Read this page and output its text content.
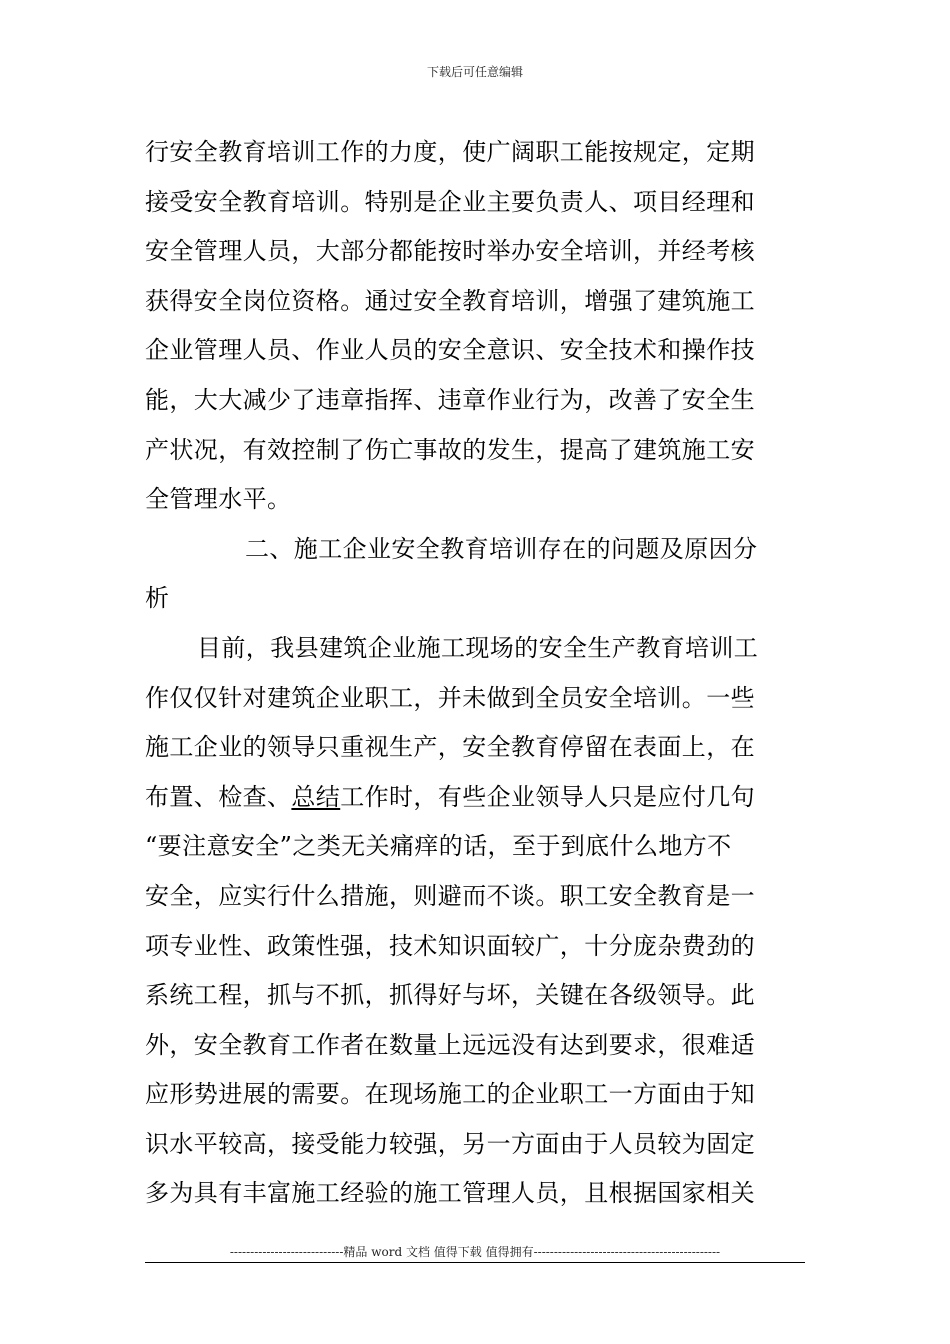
下载后可任意编辑

行安全教育培训工作的力度，使广阔职工能按规定，定期

接受安全教育培训。特别是企业主要负责人、项目经理和

安全管理人员，大部分都能按时举办安全培训，并经考核

获得安全岗位资格。通过安全教育培训，增强了建筑施工

企业管理人员、作业人员的安全意识、安全技术和操作技

能，大大减少了违章指挥、违章作业行为，改善了安全生

产状况，有效控制了伤亡事故的发生，提高了建筑施工安

全管理水平。

二、施工企业安全教育培训存在的问题及原因分

析

目前，我县建筑企业施工现场的安全生产教育培训工

作仅仅针对建筑企业职工，并未做到全员安全培训。一些

施工企业的领导只重视生产，安全教育停留在表面上，在

布置、检查、总结工作时，有些企业领导人只是应付几句

“要注意安全”之类无关痛痒的话，至于到底什么地方不

安全，应实行什么措施，则避而不谈。职工安全教育是一

项专业性、政策性强，技术知识面较广，十分庞杂费劲的

系统工程，抓与不抓，抓得好与坏，关键在各级领导。此

外，安全教育工作者在数量上远远没有达到要求，很难适

应形势进展的需要。在现场施工的企业职工一方面由于知

识水平较高，接受能力较强，另一方面由于人员较为固定

多为具有丰富施工经验的施工管理人员，且根据国家相关

----------------------------精品 word 文档 值得下载 值得拥有----------------------------------------------
